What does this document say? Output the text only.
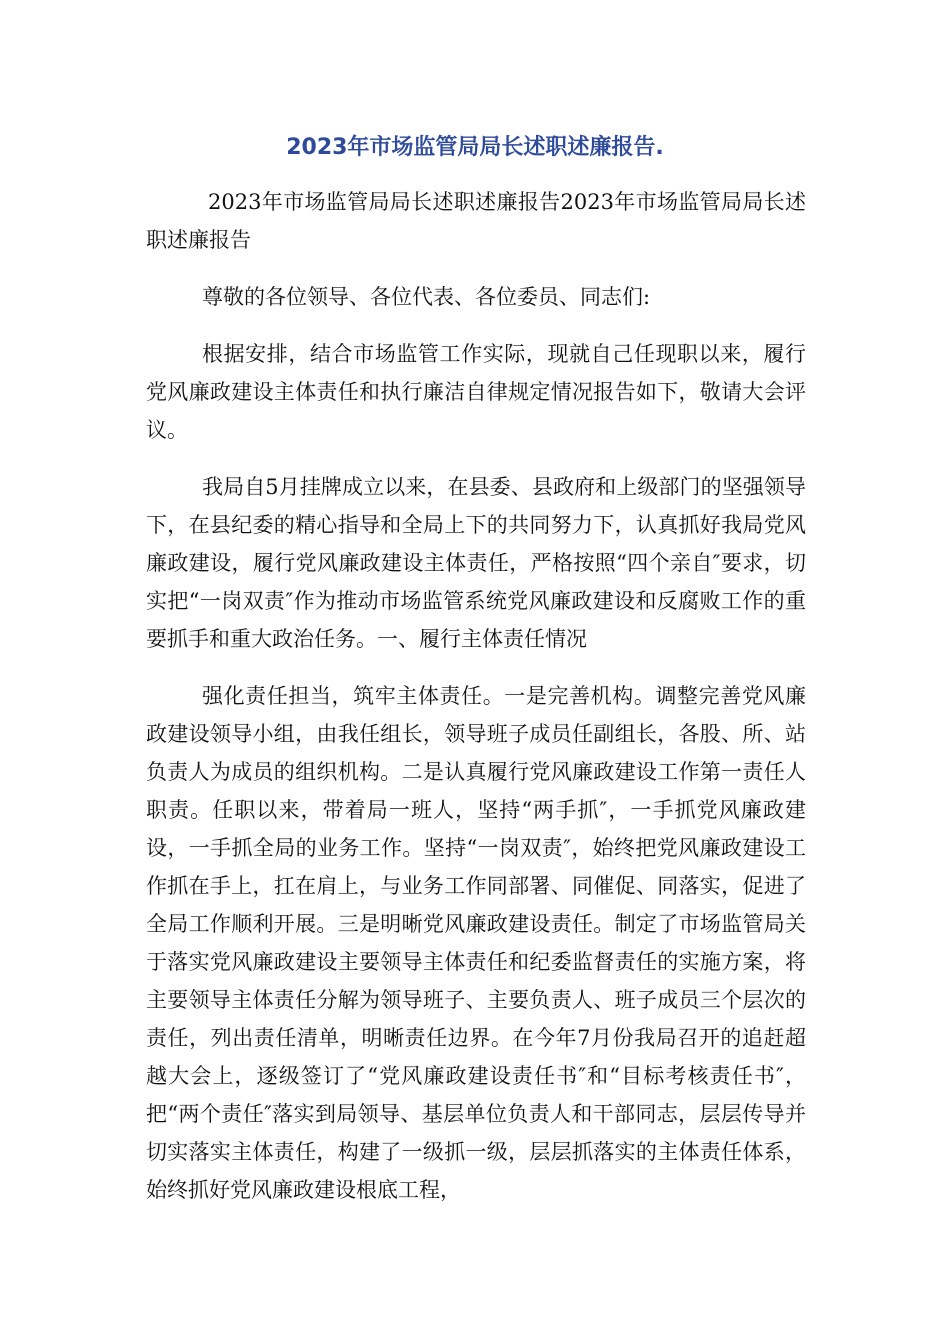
2023年市场监管局局长述职述廉报告.

2023年市场监管局局长述职述廉报告2023年市场监管局局长述职述廉报告

尊敬的各位领导、各位代表、各位委员、同志们:

根据安排，结合市场监管工作实际，现就自己任现职以来，履行党风廉政建设主体责任和执行廉洁自律规定情况报告如下，敬请大会评议。

我局自5月挂牌成立以来，在县委、县政府和上级部门的坚强领导下，在县纪委的精心指导和全局上下的共同努力下，认真抓好我局党风廉政建设，履行党风廉政建设主体责任，严格按照“四个亲自″要求，切实把“一岗双责″作为推动市场监管系统党风廉政建设和反腐败工作的重要抓手和重大政治任务。一、履行主体责任情况

强化责任担当，筑牢主体责任。一是完善机构。调整完善党风廉政建设领导小组，由我任组长，领导班子成员任副组长，各股、所、站负责人为成员的组织机构。二是认真履行党风廉政建设工作第一责任人职责。任职以来，带着局一班人，坚持“两手抓″，一手抓党风廉政建设，一手抓全局的业务工作。坚持“一岗双责″，始终把党风廉政建设工作抓在手上，扛在肩上，与业务工作同部署、同催促、同落实，促进了全局工作顺利开展。三是明晰党风廉政建设责任。制定了市场监管局关于落实党风廉政建设主要领导主体责任和纪委监督责任的实施方案，将主要领导主体责任分解为领导班子、主要负责人、班子成员三个层次的责任，列出责任清单，明晰责任边界。在今年7月份我局召开的追赶超越大会上，逐级签订了“党风廉政建设责任书″和“目标考核责任书″，把“两个责任″落实到局领导、基层单位负责人和干部同志，层层传导并切实落实主体责任，构建了一级抓一级，层层抓落实的主体责任体系，始终抓好党风廉政建设根底工程，
